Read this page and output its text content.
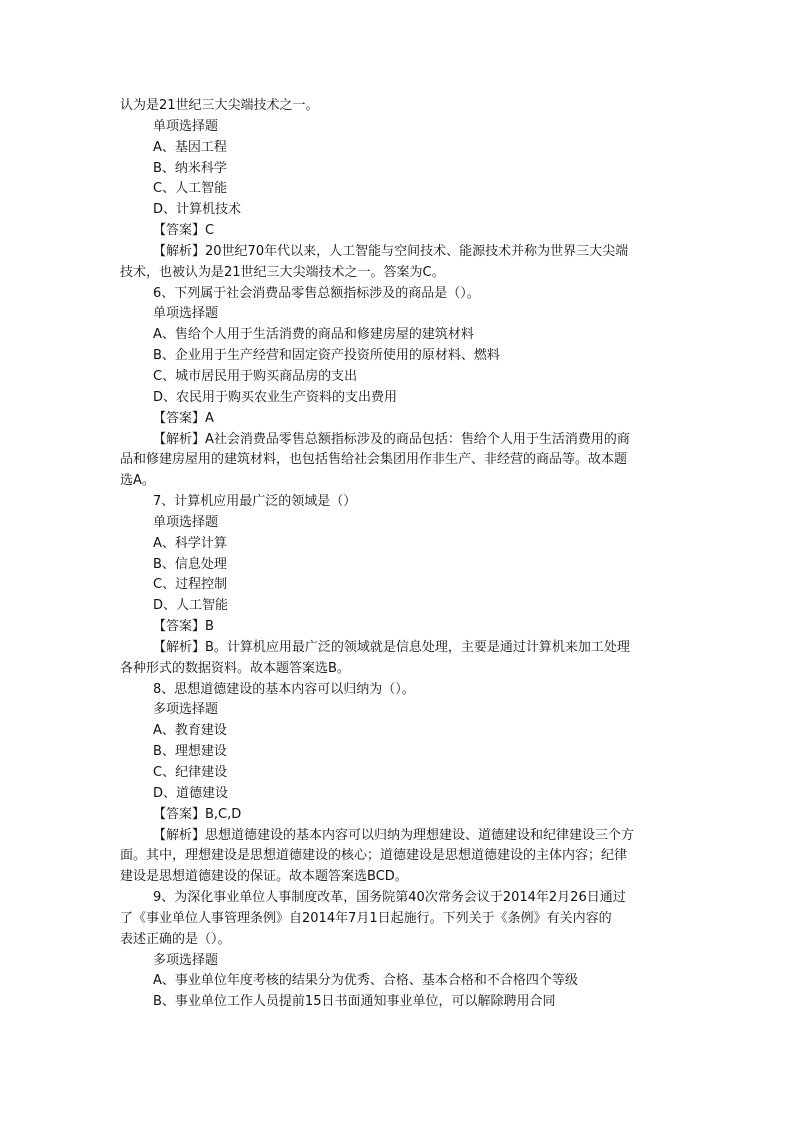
认为是21世纪三大尖端技术之一。
单项选择题
A、基因工程
B、纳米科学
C、人工智能
D、计算机技术
【答案】C
【解析】20世纪70年代以来，人工智能与空间技术、能源技术并称为世界三大尖端
技术，也被认为是21世纪三大尖端技术之一。答案为C。
6、下列属于社会消费品零售总额指标涉及的商品是（）。
单项选择题
A、售给个人用于生活消费的商品和修建房屋的建筑材料
B、企业用于生产经营和固定资产投资所使用的原材料、燃料
C、城市居民用于购买商品房的支出
D、农民用于购买农业生产资料的支出费用
【答案】A
【解析】A社会消费品零售总额指标涉及的商品包括：售给个人用于生活消费用的商
品和修建房屋用的建筑材料，也包括售给社会集团用作非生产、非经营的商品等。故本题
选A。
7、计算机应用最广泛的领域是（）
单项选择题
A、科学计算
B、信息处理
C、过程控制
D、人工智能
【答案】B
【解析】B。计算机应用最广泛的领域就是信息处理，主要是通过计算机来加工处理
各种形式的数据资料。故本题答案选B。
8、思想道德建设的基本内容可以归纳为（）。
多项选择题
A、教育建设
B、理想建设
C、纪律建设
D、道德建设
【答案】B,C,D
【解析】思想道德建设的基本内容可以归纳为理想建设、道德建设和纪律建设三个方
面。其中，理想建设是思想道德建设的核心；道德建设是思想道德建设的主体内容；纪律
建设是思想道德建设的保证。故本题答案选BCD。
9、为深化事业单位人事制度改革，国务院第40次常务会议于2014年2月26日通过
了《事业单位人事管理条例》自2014年7月1日起施行。下列关于《条例》有关内容的
表述正确的是（）。
多项选择题
A、事业单位年度考核的结果分为优秀、合格、基本合格和不合格四个等级
B、事业单位工作人员提前15日书面通知事业单位，可以解除聘用合同
